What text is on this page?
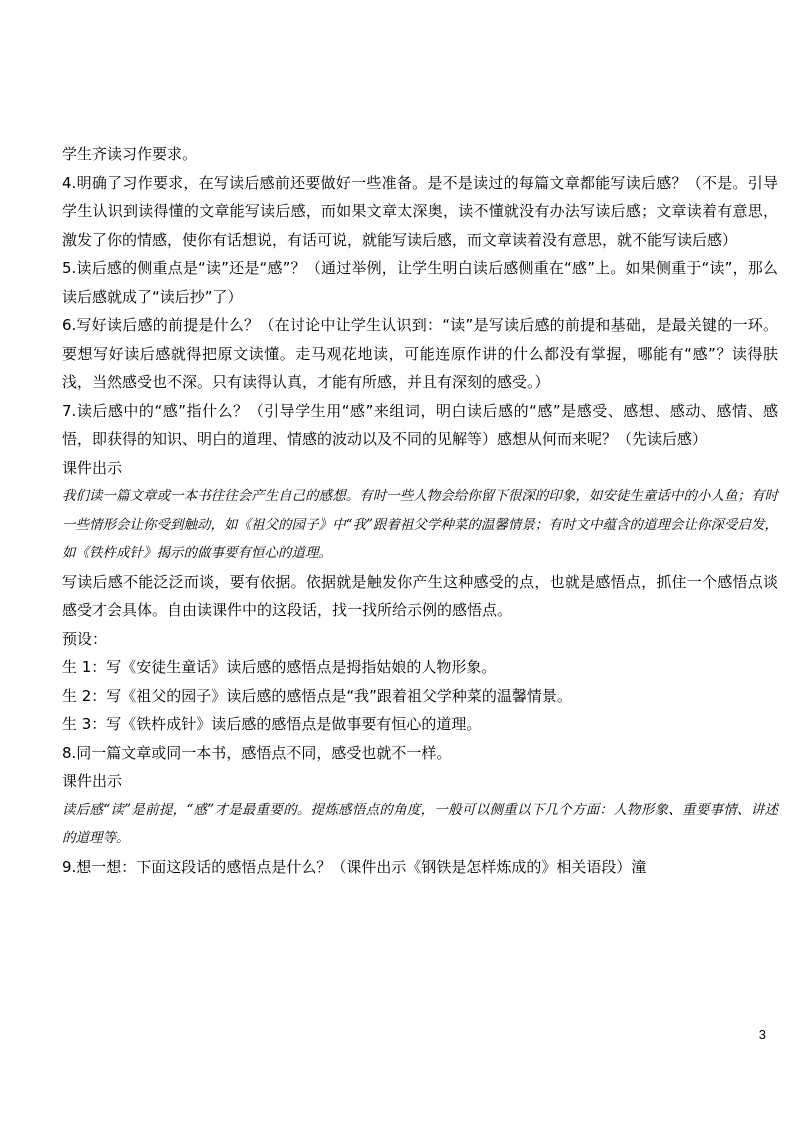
学生齐读习作要求。

4.明确了习作要求，在写读后感前还要做好一些准备。是不是读过的每篇文章都能写读后感？（不是。引导学生认识到读得懂的文章能写读后感，而如果文章太深奥，读不懂就没有办法写读后感；文章读着有意思，激发了你的情感，使你有话想说，有话可说，就能写读后感，而文章读着没有意思，就不能写读后感）

5.读后感的侧重点是“读”还是“感”？（通过举例，让学生明白读后感侧重在“感”上。如果侧重于“读”，那么读后感就成了“读后抄”了）

6.写好读后感的前提是什么？（在讨论中让学生认识到：“读”是写读后感的前提和基础，是最关键的一环。要想写好读后感就得把原文读懂。走马观花地读，可能连原作讲的什么都没有掌握，哪能有“感”？读得肤浅，当然感受也不深。只有读得认真，才能有所感，并且有深刻的感受。）

7.读后感中的“感”指什么？（引导学生用“感”来组词，明白读后感的“感”是感受、感想、感动、感情、感悟，即获得的知识、明白的道理、情感的波动以及不同的见解等）感想从何而来呢？（先读后感）

课件出示

我们读一篇文章或一本书往往会产生自己的感想。有时一些人物会给你留下很深的印象，如安徒生童话中的小人鱼；有时一些情形会让你受到触动，如《祖父的园子》中“我”跟着祖父学种菜的温馨情景；有时文中蕴含的道理会让你深受启发，如《铁杵成针》揭示的做事要有恒心的道理。

写读后感不能泛泛而谈，要有依据。依据就是触发你产生这种感受的点，也就是感悟点，抓住一个感悟点谈感受才会具体。自由读课件中的这段话，找一找所给示例的感悟点。

预设：

生 1：写《安徒生童话》读后感的感悟点是拇指姑娘的人物形象。

生 2：写《祖父的园子》读后感的感悟点是“我”跟着祖父学种菜的温馨情景。

生 3：写《铁杵成针》读后感的感悟点是做事要有恒心的道理。

8.同一篇文章或同一本书，感悟点不同，感受也就不一样。

课件出示

读后感“读”是前提，“感”才是最重要的。提炼感悟点的角度，一般可以侧重以下几个方面：人物形象、重要事情、讲述的道理等。

9.想一想：下面这段话的感悟点是什么？（课件出示《钢铁是怎样炼成的》相关语段）潼

3
